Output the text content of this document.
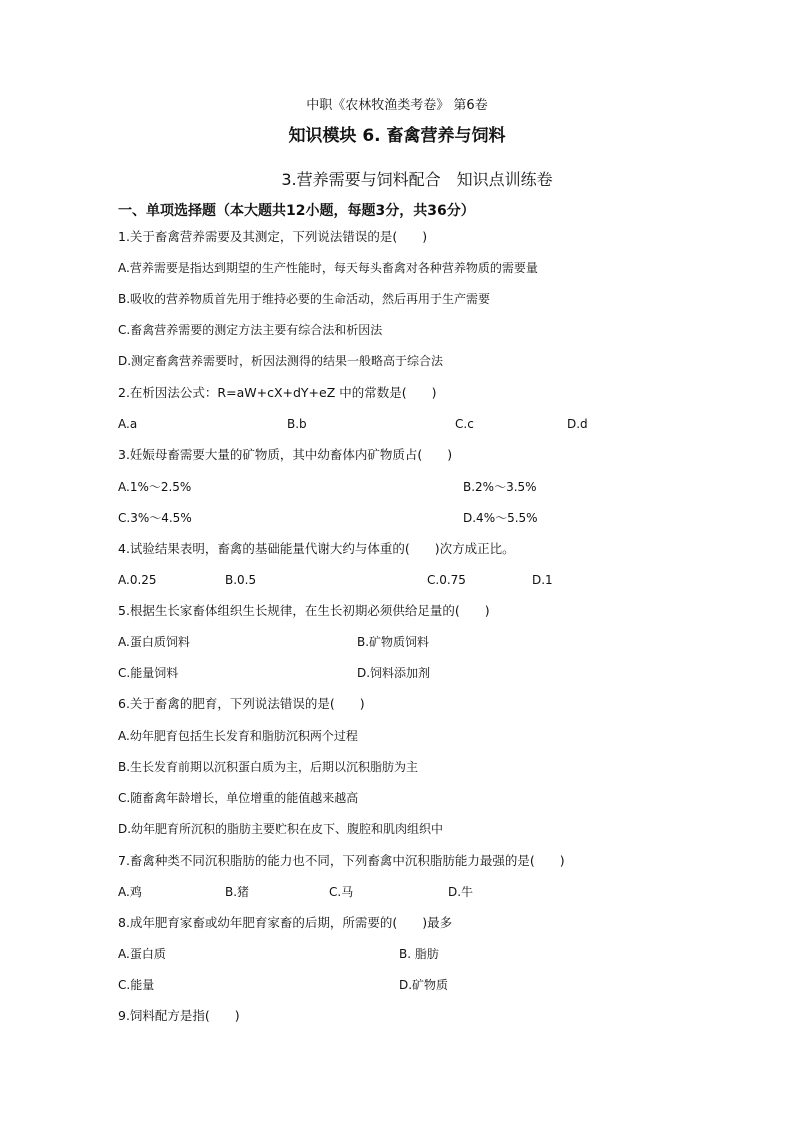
中职《农林牧渔类考卷》 第6卷
知识模块 6. 畜禽营养与饲料
3.营养需要与饲料配合　知识点训练卷
一、单项选择题（本大题共12小题，每题3分，共36分）
1.关于畜禽营养需要及其测定，下列说法错误的是(　　)
A.营养需要是指达到期望的生产性能时，每天每头畜禽对各种营养物质的需要量
B.吸收的营养物质首先用于维持必要的生命活动，然后再用于生产需要
C.畜禽营养需要的测定方法主要有综合法和析因法
D.测定畜禽营养需要时，析因法测得的结果一般略高于综合法
2.在析因法公式：R=aW+cX+dY+eZ 中的常数是(　　)
A.a	B.b	C.c	D.d
3.妊娠母畜需要大量的矿物质，其中幼畜体内矿物质占(　　)
A.1%～2.5%	B.2%～3.5%
C.3%～4.5%	D.4%～5.5%
4.试验结果表明，畜禽的基础能量代谢大约与体重的(　　)次方成正比。
A.0.25	B.0.5	C.0.75	D.1
5.根据生长家畜体组织生长规律，在生长初期必须供给足量的(　　)
A.蛋白质饲料	B.矿物质饲料
C.能量饲料	D.饲料添加剂
6.关于畜禽的肥育，下列说法错误的是(　　)
A.幼年肥育包括生长发育和脂肪沉积两个过程
B.生长发育前期以沉积蛋白质为主，后期以沉积脂肪为主
C.随畜禽年龄增长，单位增重的能值越来越高
D.幼年肥育所沉积的脂肪主要贮积在皮下、腹腔和肌肉组织中
7.畜禽种类不同沉积脂肪的能力也不同，下列畜禽中沉积脂肪能力最强的是(　　)
A.鸡	B.猪	C.马	D.牛
8.成年肥育家畜或幼年肥育家畜的后期，所需要的(　　)最多
A.蛋白质	B. 脂肪
C.能量	D.矿物质
9.饲料配方是指(　　)
